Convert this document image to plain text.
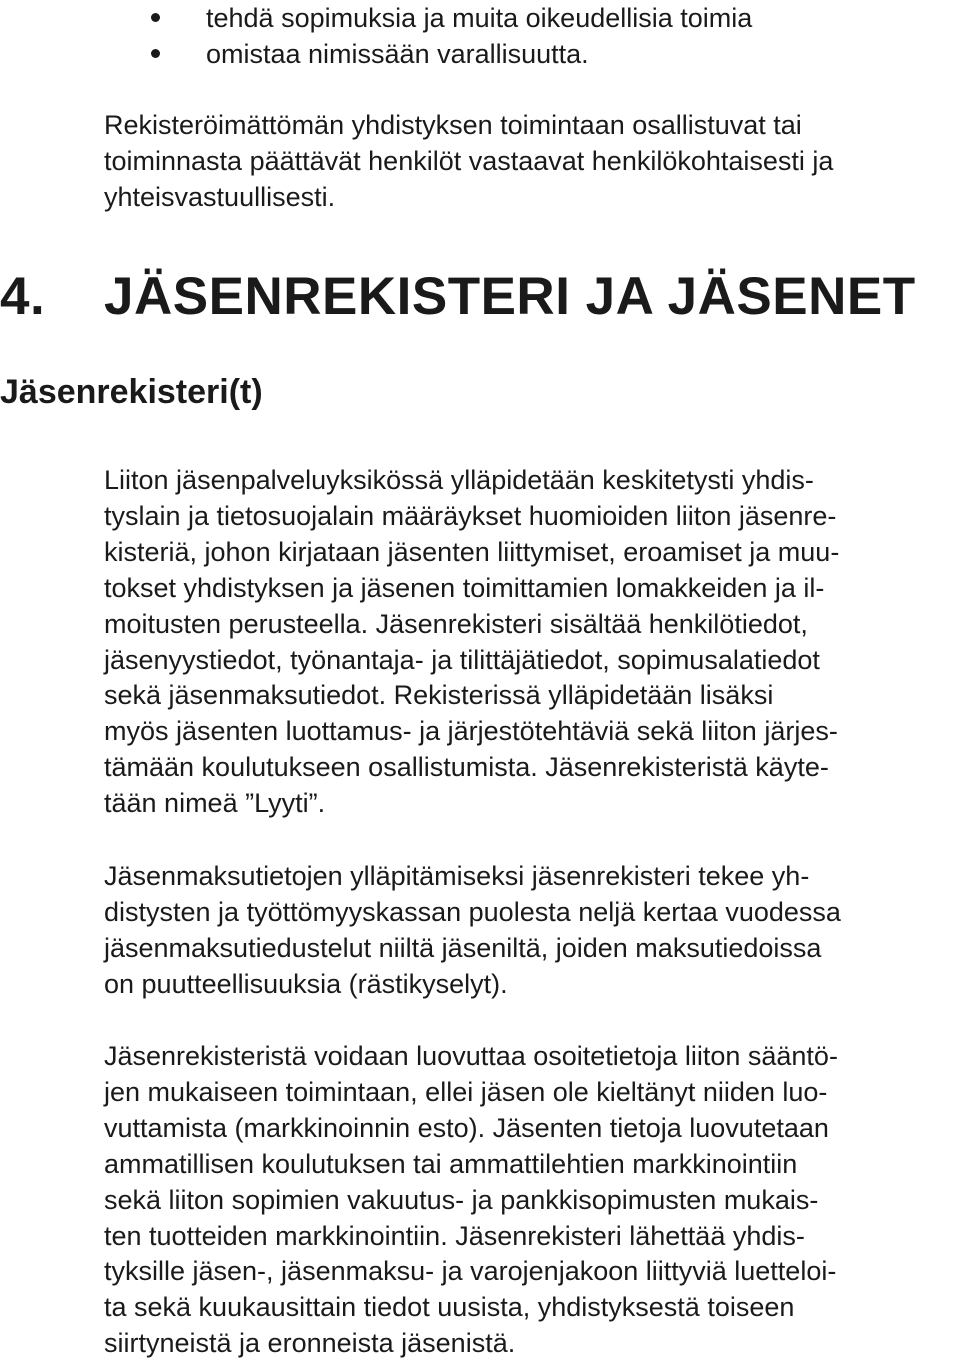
tehdä sopimuksia ja muita oikeudellisia toimia
omistaa nimissään varallisuutta.

Rekisteröimättömän yhdistyksen toimintaan osallistuvat tai
toiminnasta päättävät henkilöt vastaavat henkilökohtaisesti ja
yhteisvastuullisesti.

4. JÄSENREKISTERI JA JÄSENET
Jäsenrekisteri(t)

Liiton jäsenpalveluyksikössä ylläpidetään keskitetysti yhdis-
tyslain ja tietosuojalain määräykset huomioiden liiton jäsenre-
kisteriä, johon kirjataan jäsenten liittymiset, eroamiset ja muu-
tokset yhdistyksen ja jäsenen toimittamien lomakkeiden ja il-
moitusten perusteella. Jäsenrekisteri sisältää henkilötiedot,
jäsenyystiedot, työnantaja- ja tilittäjätiedot, sopimusalatiedot
sekä jäsenmaksutiedot. Rekisterissä ylläpidetään lisäksi
myös jäsenten luottamus- ja järjestötehtäviä sekä liiton järjes-
tämään koulutukseen osallistumista. Jäsenrekisteristä käyte-
tään nimeä ”Lyyti”.

Jäsenmaksutietojen ylläpitämiseksi jäsenrekisteri tekee yh-
distysten ja työttömyyskassan puolesta neljä kertaa vuodessa
jäsenmaksutiedustelut niiltä jäseniltä, joiden maksutiedoissa
on puutteellisuuksia (rästikyselyt).

Jäsenrekisteristä voidaan luovuttaa osoitetietoja liiton sääntö-
jen mukaiseen toimintaan, ellei jäsen ole kieltänyt niiden luo-
vuttamista (markkinoinnin esto). Jäsenten tietoja luovutetaan
ammatillisen koulutuksen tai ammattilehtien markkinointiin
sekä liiton sopimien vakuutus- ja pankkisopimusten mukais-
ten tuotteiden markkinointiin. Jäsenrekisteri lähettää yhdis-
tyksille jäsen-, jäsenmaksu- ja varojenjakoon liittyviä luetteloi-
ta sekä kuukausittain tiedot uusista, yhdistyksestä toiseen
siirtyneistä ja eronneista jäsenistä.
